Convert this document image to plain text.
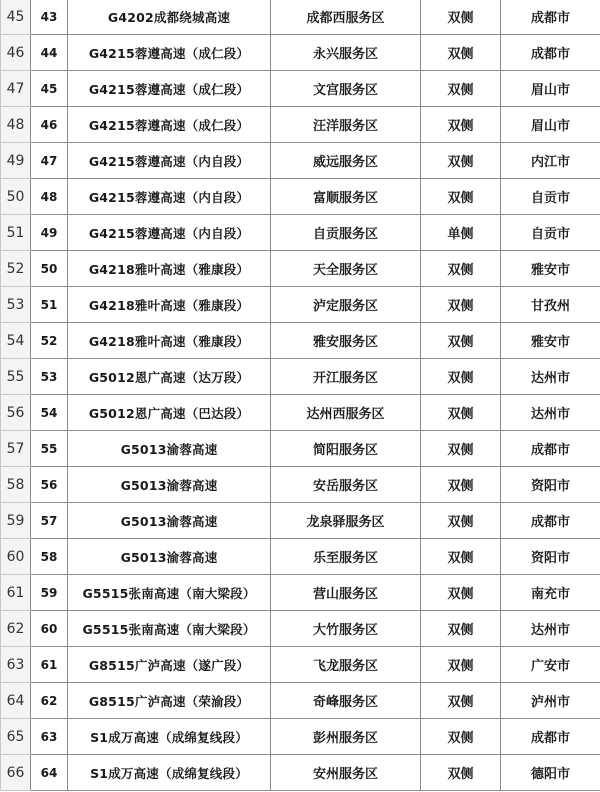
45	43	G4202成都绕城高速	成都西服务区	双侧	成都市
46	44	G4215蓉遵高速（成仁段）	永兴服务区	双侧	成都市
47	45	G4215蓉遵高速（成仁段）	文宫服务区	双侧	眉山市
48	46	G4215蓉遵高速（成仁段）	汪洋服务区	双侧	眉山市
49	47	G4215蓉遵高速（内自段）	威远服务区	双侧	内江市
50	48	G4215蓉遵高速（内自段）	富顺服务区	双侧	自贡市
51	49	G4215蓉遵高速（内自段）	自贡服务区	单侧	自贡市
52	50	G4218雅叶高速（雅康段）	天全服务区	双侧	雅安市
53	51	G4218雅叶高速（雅康段）	泸定服务区	双侧	甘孜州
54	52	G4218雅叶高速（雅康段）	雅安服务区	双侧	雅安市
55	53	G5012恩广高速（达万段）	开江服务区	双侧	达州市
56	54	G5012恩广高速（巴达段）	达州西服务区	双侧	达州市
57	55	G5013渝蓉高速	简阳服务区	双侧	成都市
58	56	G5013渝蓉高速	安岳服务区	双侧	资阳市
59	57	G5013渝蓉高速	龙泉驿服务区	双侧	成都市
60	58	G5013渝蓉高速	乐至服务区	双侧	资阳市
61	59	G5515张南高速（南大梁段）	营山服务区	双侧	南充市
62	60	G5515张南高速（南大梁段）	大竹服务区	双侧	达州市
63	61	G8515广泸高速（遂广段）	飞龙服务区	双侧	广安市
64	62	G8515广泸高速（荣渝段）	奇峰服务区	双侧	泸州市
65	63	S1成万高速（成绵复线段）	彭州服务区	双侧	成都市
66	64	S1成万高速（成绵复线段）	安州服务区	双侧	德阳市
